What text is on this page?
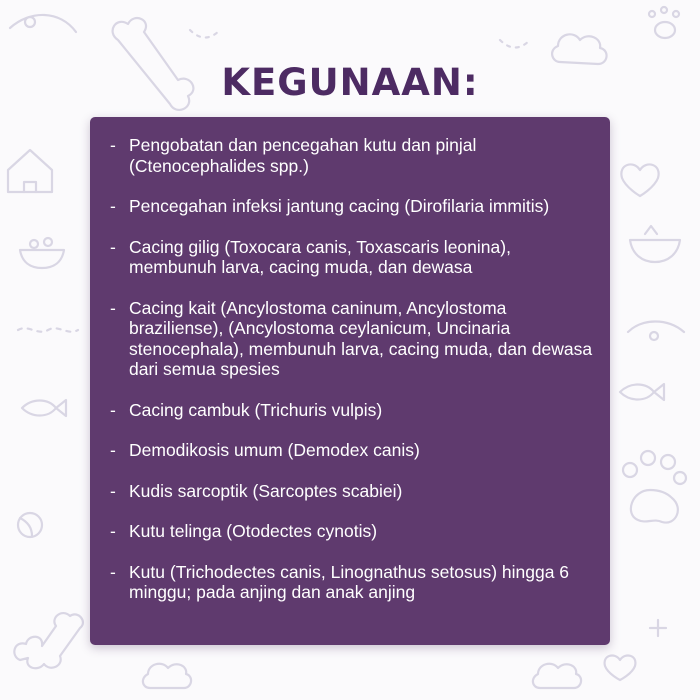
KEGUNAAN:
- Pengobatan dan pencegahan kutu dan pinjal (Ctenocephalides spp.)
- Pencegahan infeksi jantung cacing (Dirofilaria immitis)
- Cacing gilig (Toxocara canis, Toxascaris leonina), membunuh larva, cacing muda, dan dewasa
- Cacing kait (Ancylostoma caninum, Ancylostoma braziliense), (Ancylostoma ceylanicum, Uncinaria stenocephala), membunuh larva, cacing muda, dan dewasa dari semua spesies
- Cacing cambuk (Trichuris vulpis)
- Demodikosis umum (Demodex canis)
- Kudis sarcoptik (Sarcoptes scabiei)
- Kutu telinga (Otodectes cynotis)
- Kutu (Trichodectes canis, Linognathus setosus) hingga 6 minggu; pada anjing dan anak anjing
